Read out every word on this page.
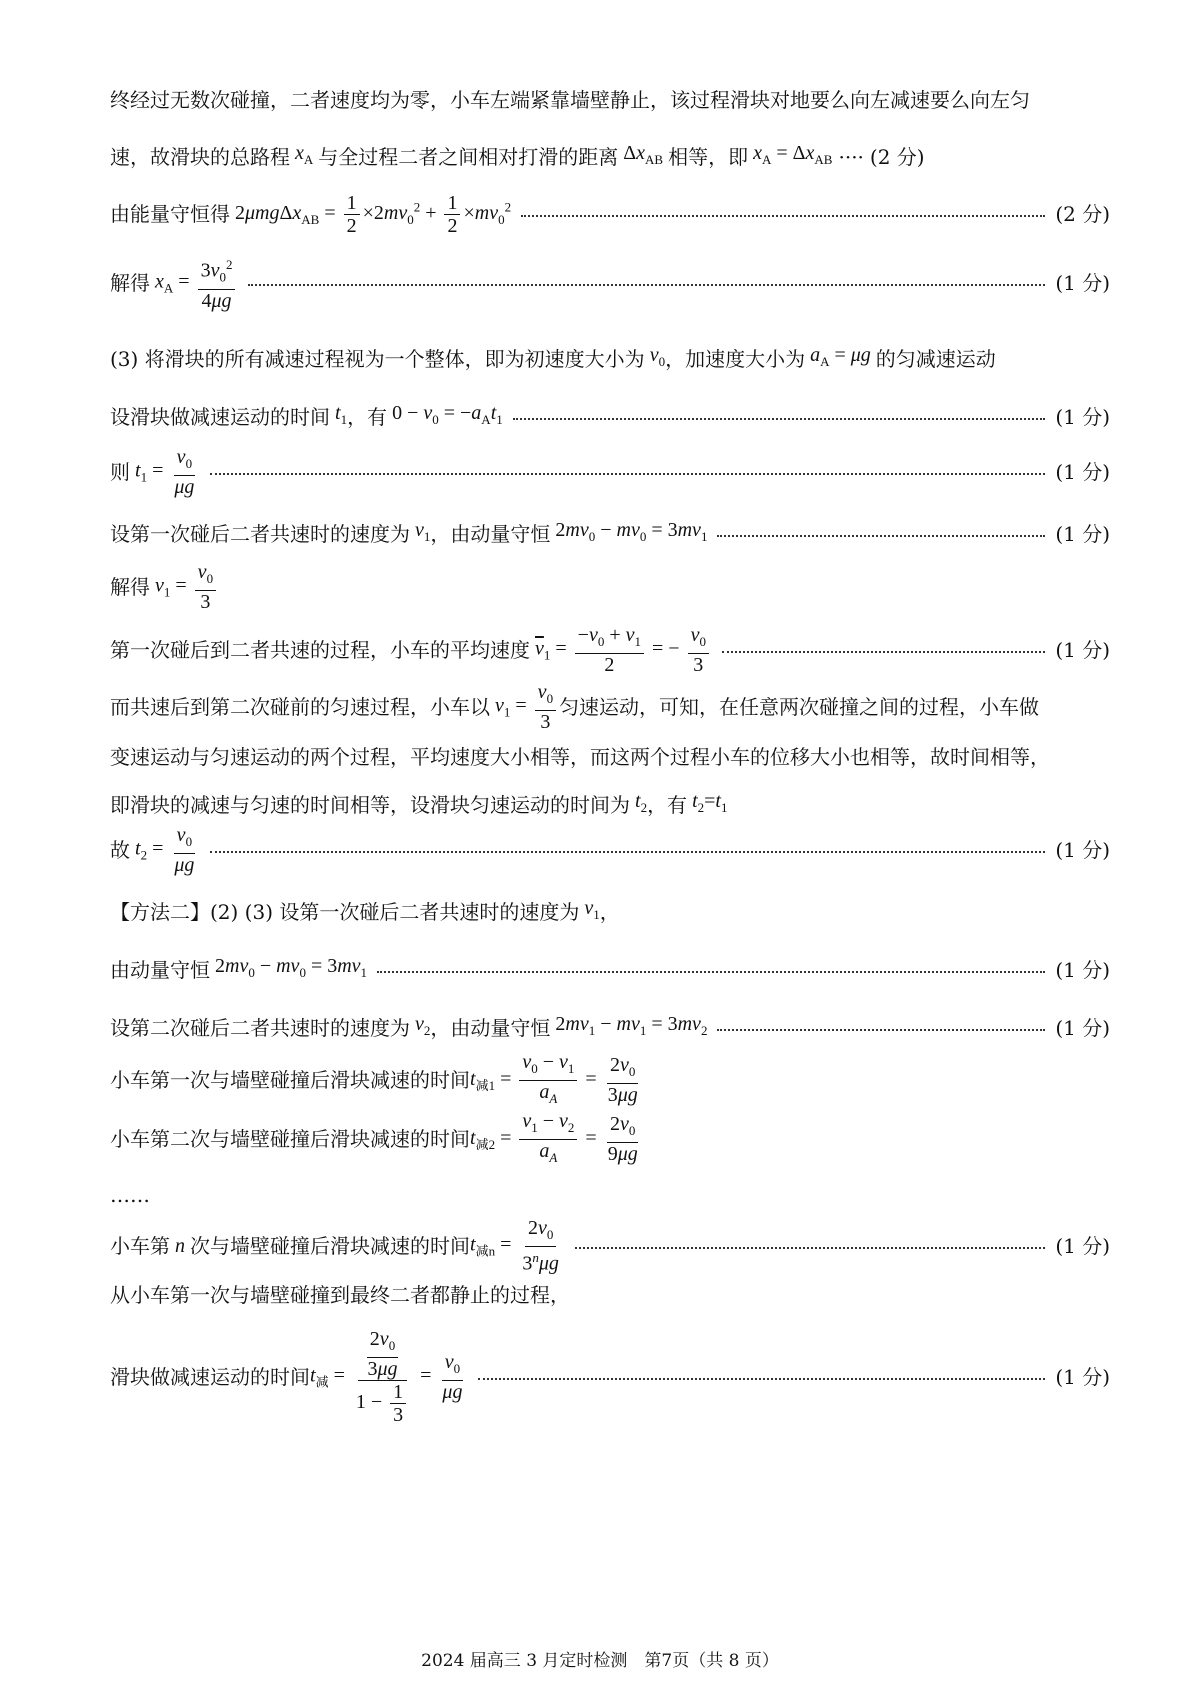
终经过无数次碰撞，二者速度均为零，小车左端紧靠墙壁静止，该过程滑块对地要么向左减速要么向左匀
速，故滑块的总路程 $x_A$ 与全过程二者之间相对打滑的距离 $\Delta x_{AB}$ 相等，即 $x_A = \Delta x_{AB}$ ···· (2 分)
由能量守恒得 $2\mu mg\Delta x_{AB} = \frac{1}{2} \times 2mv_0^2 + \frac{1}{2} \times mv_0^2$	(2 分)
解得 $x_A = \frac{3v_0^2}{4\mu g}$	(1 分)
(3) 将滑块的所有减速过程视为一个整体，即为初速度大小为 $v_0$ ，加速度大小为 $a_A = \mu g$ 的匀减速运动
设滑块做减速运动的时间 $t_1$ ，有 $0 - v_0 = -a_At_1$	(1 分)
则 $t_1 = \frac{v_0}{\mu g}$	(1 分)
设第一次碰后二者共速时的速度为 $v_1$ ，由动量守恒 $2mv_0 - mv_0 = 3mv_1$	(1 分)
解得 $v_1 = \frac{v_0}{3}$
第一次碰后到二者共速的过程，小车的平均速度 $\overline{v}_1 = \frac{-v_0 + v_1}{2}$ = − $\frac{v_0}{3}$	(1 分)
而共速后到第二次碰前的匀速过程，小车以 $v_1 = \frac{v_0}{3}$ 匀速运动，可知，在任意两次碰撞之间的过程，小车做
变速运动与匀速运动的两个过程，平均速度大小相等，而这两个过程小车的位移大小也相等，故时间相等，
即滑块的减速与匀速的时间相等，设滑块匀速运动的时间为 $t_2$ ，有 $t_2=t_1$
故 $t_2 = \frac{v_0}{\mu g}$	(1 分)
【方法二】(2) (3) 设第一次碰后二者共速时的速度为 $v_1$ ，
由动量守恒 $2mv_0 - mv_0 = 3mv_1$	(1 分)
设第二次碰后二者共速时的速度为 $v_2$ ，由动量守恒 $2mv_1 - mv_1 = 3mv_2$	(1 分)
小车第一次与墙壁碰撞后滑块减速的时间 $t_{减1} = \frac{v_0 - v_1}{a_A} = \frac{2v_0}{3\mu g}$
小车第二次与墙壁碰撞后滑块减速的时间 $t_{减2} = \frac{v_1 - v_2}{a_A} = \frac{2v_0}{9\mu g}$
……
小车第 n 次与墙壁碰撞后滑块减速的时间 $t_{减n} = \frac{2v_0}{3^n\mu g}$	(1 分)
从小车第一次与墙壁碰撞到最终二者都静止的过程，
滑块做减速运动的时间 $t_减 = \frac{\frac{2v_0}{3\mu g}}{1 - \frac{1}{3}} = \frac{v_0}{\mu g}$	(1 分)
2024 届高三 3 月定时检测　第7页（共 8 页）
